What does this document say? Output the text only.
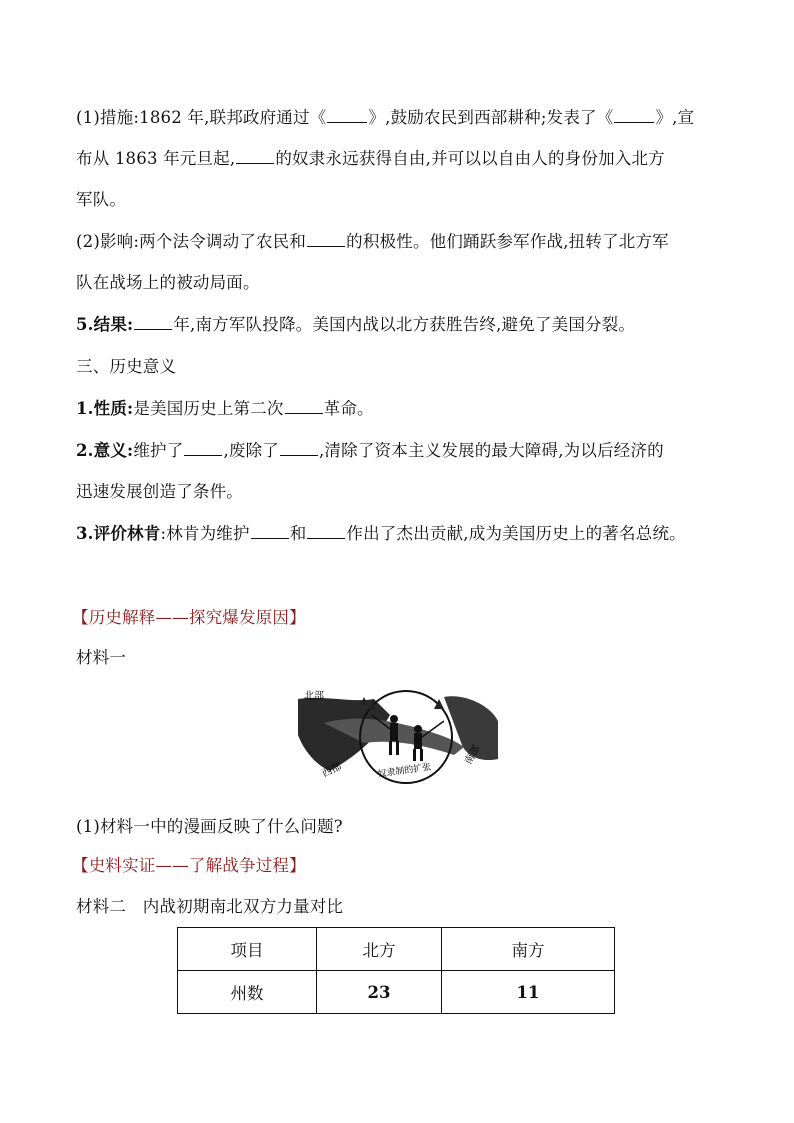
(1)措施:1862 年,联邦政府通过《	》,鼓励农民到西部耕种;发表了《	》,宣
布从 1863 年元旦起, 的奴隶永远获得自由,并可以以自由人的身份加入北方
军队。
(2)影响:两个法令调动了农民和 的积极性。他们踊跃参军作战,扭转了北方军
队在战场上的被动局面。
5.结果: 年,南方军队投降。美国内战以北方获胜告终,避免了美国分裂。
三、历史意义
1.性质:是美国历史上第二次 革命。
2.意义:维护了 ,废除了 ,清除了资本主义发展的最大障碍,为以后经济的
迅速发展创造了条件。
3.评价林肯:林肯为维护 和 作出了杰出贡献,成为美国历史上的著名总统。
【历史解释——探究爆发原因】
材料一
北部
西部
南部
奴隶制的扩张
(1)材料一中的漫画反映了什么问题?
【史料实证——了解战争过程】
材料二　内战初期南北双方力量对比
项目	北方	南方
州数	23	11
